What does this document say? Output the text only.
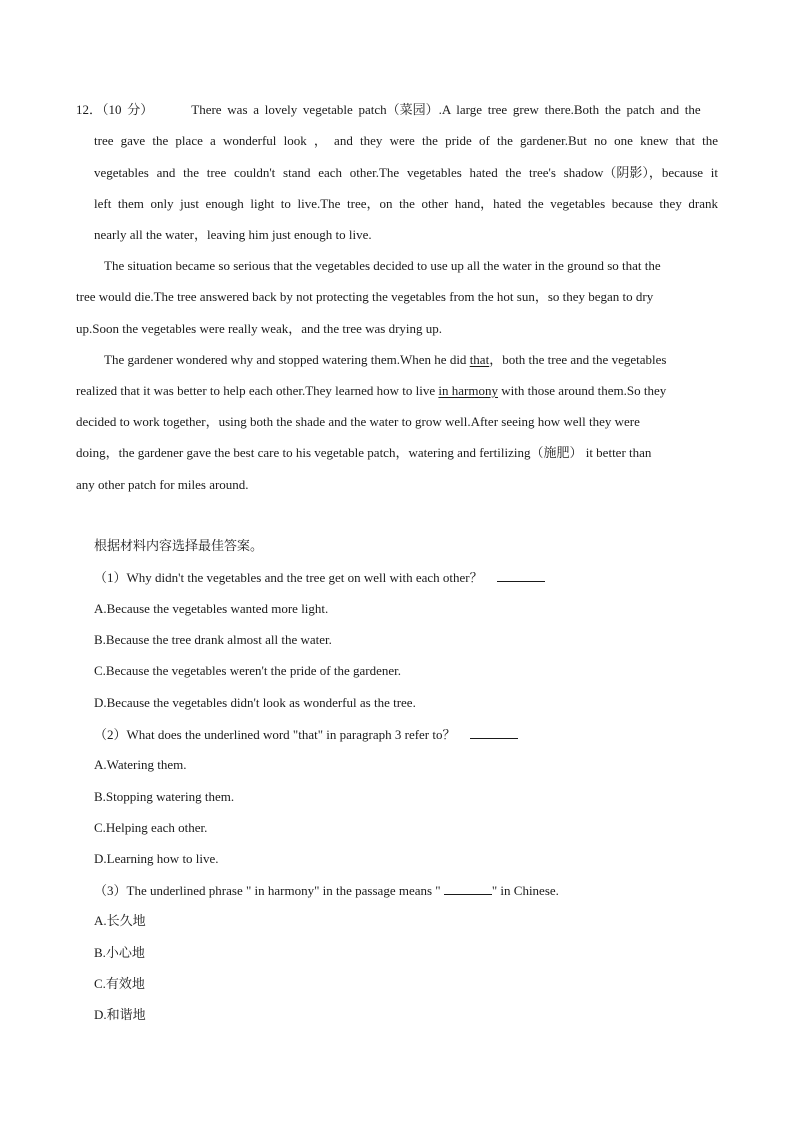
12．（10 分）	There was a lovely vegetable patch（菜园）.A large tree grew there.Both the patch and the
tree gave the place a wonderful look ， and they were the pride of the gardener.But no one knew that the
vegetables and the tree couldn't stand each other.The vegetables hated the tree's shadow（阴影），because it
left them only just enough light to live.The tree，on the other hand，hated the vegetables because they drank
nearly all the water，leaving him just enough to live.
The situation became so serious that the vegetables decided to use up all the water in the ground so that the
tree would die.The tree answered back by not protecting the vegetables from the hot sun，so they began to dry
up.Soon the vegetables were really weak，and the tree was drying up.
The gardener wondered why and stopped watering them.When he did that，both the tree and the vegetables
realized that it was better to help each other.They learned how to live in harmony with those around them.So they
decided to work together，using both the shade and the water to grow well.After seeing how well they were
doing，the gardener gave the best care to his vegetable patch，watering and fertilizing（施肥） it better than
any other patch for miles around.
根据材料内容选择最佳答案。
（1）Why didn't the vegetables and the tree get on well with each other？
A.Because the vegetables wanted more light.
B.Because the tree drank almost all the water.
C.Because the vegetables weren't the pride of the gardener.
D.Because the vegetables didn't look as wonderful as the tree.
（2）What does the underlined word "that" in paragraph 3 refer to？
A.Watering them.
B.Stopping watering them.
C.Helping each other.
D.Learning how to live.
（3）The underlined phrase " in harmony" in the passage means "	" in Chinese.
A.长久地
B.小心地
C.有效地
D.和谐地
